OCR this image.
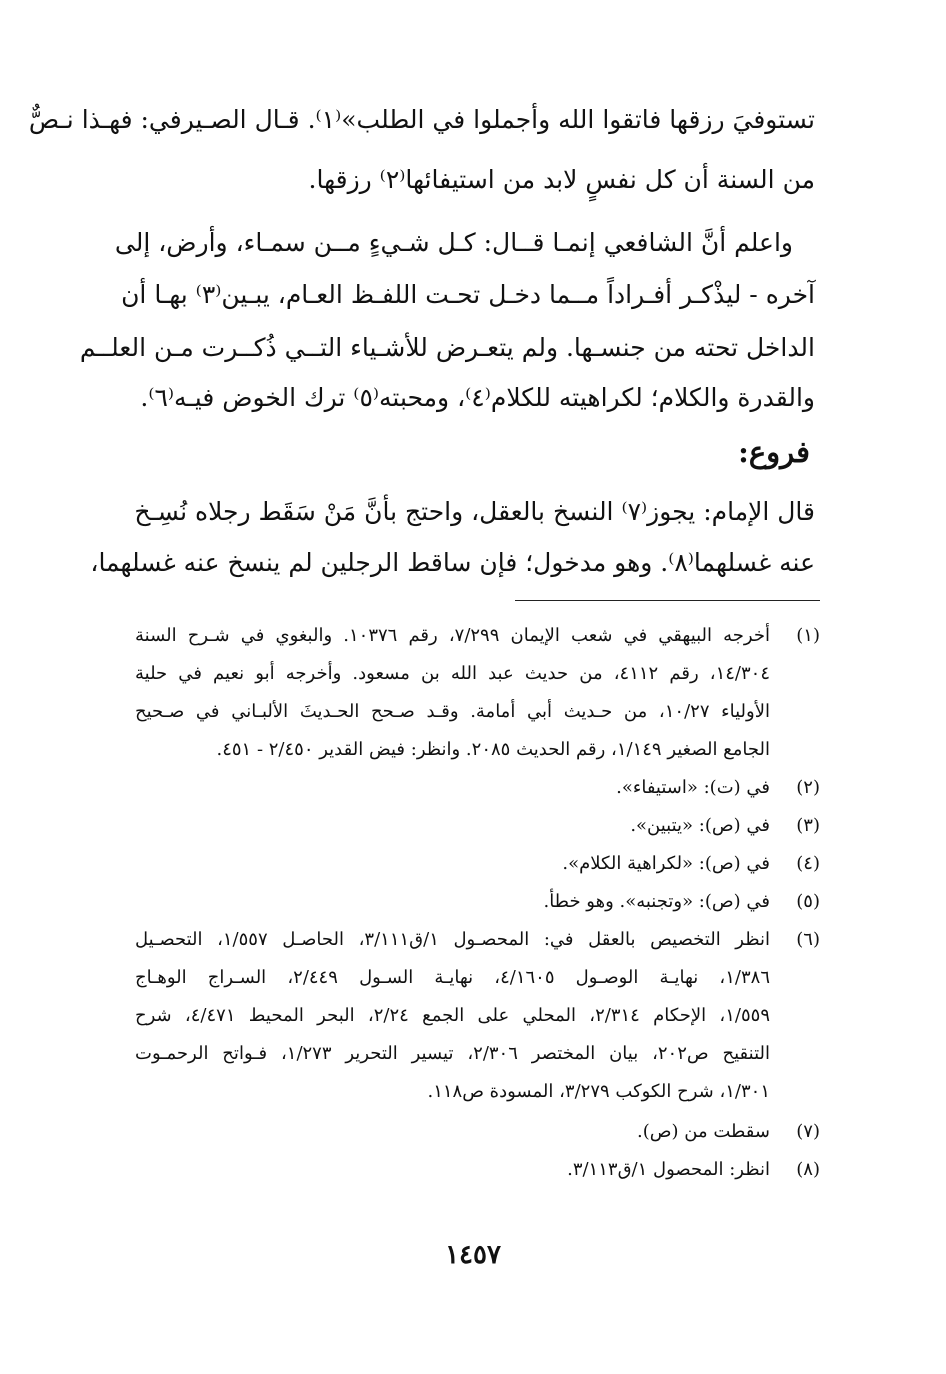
تستوفيَ رزقها فاتقوا الله وأجملوا في الطلب»⁽١⁾. قـال الصـيرفي: فهـذا نـصٌّ
من السنة أن كل نفسٍ لابد من استيفائها⁽٢⁾ رزقها.
واعلم أنَّ الشافعي إنمـا قــال: كـل شـيءٍ مــن سمـاء، وأرض، إلى
آخره - ليذْكـر أفـراداً مــما دخـل تحـت اللفـظ العـام، يبـين⁽٣⁾ بهـا أن
الداخل تحته من جنسـها. ولم يتعـرض للأشـياء التــي ذُكــرت مـن العلــم
والقدرة والكلام؛ لكراهيته للكلام⁽٤⁾، ومحبته⁽٥⁾ ترك الخوض فيـه⁽٦⁾.
فروع:
قال الإمام: يجوز⁽٧⁾ النسخ بالعقل، واحتج بأنَّ مَنْ سَقَط رجلاه نُسِـخ
عنه غسلهما⁽٨⁾. وهو مدخول؛ فإن ساقط الرجلين لم ينسخ عنه غسلهما،
(١)
أخرجه البيهقي في شعب الإيمان ٧/٢٩٩، رقم ١٠٣٧٦. والبغوي في شـرح السنة
١٤/٣٠٤، رقم ٤١١٢، من حديث عبد الله بن مسعود. وأخرجه أبو نعيم في حلية
الأولياء ١٠/٢٧، من حـديث أبي أمامة. وقـد صـحح الحـديثَ الألبـاني في صـحيح
الجامع الصغير ١/١٤٩، رقم الحديث ٢٠٨٥. وانظر: فيض القدير ٢/٤٥٠ - ٤٥١.
(٢)
في (ت): «استيفاء».
(٣)
في (ص): «يتبين».
(٤)
في (ص): «لكراهية الكلام».
(٥)
في (ص): «وتجنبه». وهو خطأ.
(٦)
انظر التخصيص بالعقل في: المحصـول ١/ق٣/١١١، الحاصـل ١/٥٥٧، التحصـيل
١/٣٨٦، نهايـة الوصـول ٤/١٦٠٥، نهايـة السـول ٢/٤٤٩، السـراج الوهـاج
١/٥٥٩، الإحكام ٢/٣١٤، المحلي على الجمع ٢/٢٤، البحر المحيط ٤/٤٧١، شرح
التنقيح ص٢٠٢، بيان المختصر ٢/٣٠٦، تيسير التحرير ١/٢٧٣، فـواتح الرحمـوت
١/٣٠١، شرح الكوكب ٣/٢٧٩، المسودة ص١١٨.
(٧)
سقطت من (ص).
(٨)
انظر: المحصول ١/ق٣/١١٣.
١٤٥٧
